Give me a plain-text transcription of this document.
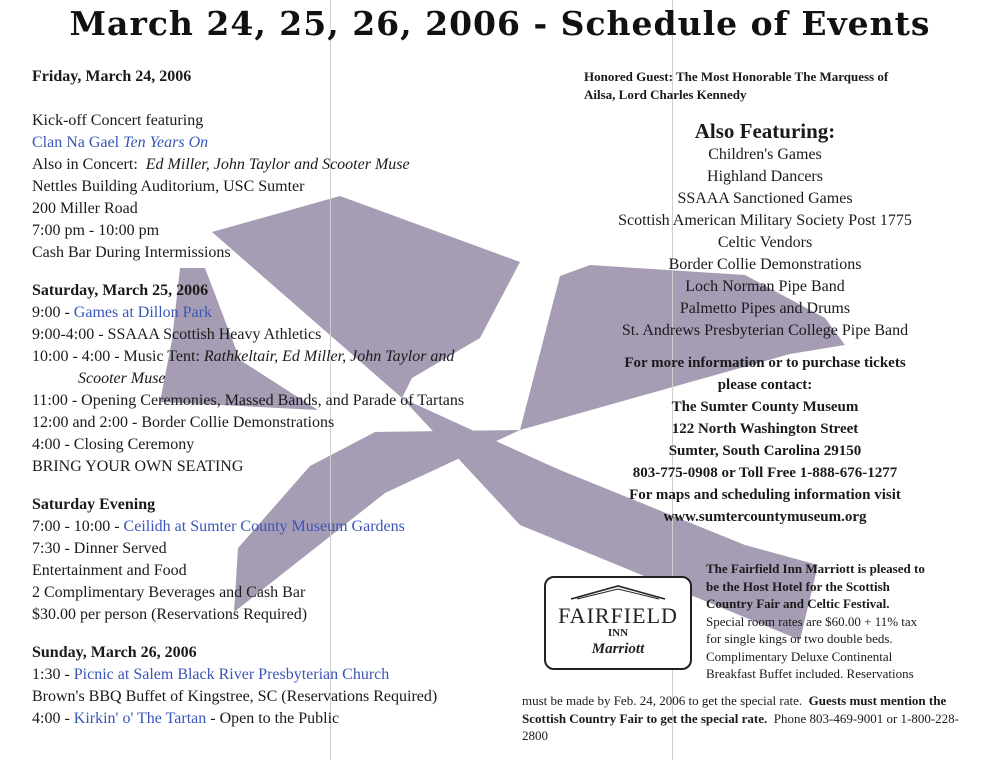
March 24, 25, 26, 2006 - Schedule of Events
Friday, March 24, 2006
Kick-off Concert featuring
Clan Na Gael Ten Years On
Also in Concert: Ed Miller, John Taylor and Scooter Muse
Nettles Building Auditorium, USC Sumter
200 Miller Road
7:00 pm - 10:00 pm
Cash Bar During Intermissions
Saturday, March 25, 2006
9:00 - Games at Dillon Park
9:00-4:00 - SSAAA Scottish Heavy Athletics
10:00 - 4:00 - Music Tent: Rathkeltair, Ed Miller, John Taylor and
Scooter Muse
11:00 - Opening Ceremonies, Massed Bands, and Parade of Tartans
12:00 and 2:00 - Border Collie Demonstrations
4:00 - Closing Ceremony
BRING YOUR OWN SEATING
Saturday Evening
7:00 - 10:00 - Ceilidh at Sumter County Museum Gardens
7:30 - Dinner Served
Entertainment and Food
2 Complimentary Beverages and Cash Bar
$30.00 per person (Reservations Required)
Sunday, March 26, 2006
1:30 - Picnic at Salem Black River Presbyterian Church
Brown's BBQ Buffet of Kingstree, SC (Reservations Required)
4:00 - Kirkin' o' The Tartan - Open to the Public
Honored Guest: The Most Honorable The Marquess of
Ailsa, Lord Charles Kennedy
Also Featuring:
Children's Games
Highland Dancers
SSAAA Sanctioned Games
Scottish American Military Society Post 1775
Celtic Vendors
Border Collie Demonstrations
Loch Norman Pipe Band
Palmetto Pipes and Drums
St. Andrews Presbyterian College Pipe Band
For more information or to purchase tickets
please contact:
The Sumter County Museum
122 North Washington Street
Sumter, South Carolina 29150
803-775-0908 or Toll Free 1-888-676-1277
For maps and scheduling information visit
www.sumtercountymuseum.org
FAIRFIELD
INN
Marriott
The Fairfield Inn Marriott is pleased to
be the Host Hotel for the Scottish
Country Fair and Celtic Festival.
Special room rates are $60.00 + 11% tax
for single kings or two double beds.
Complimentary Deluxe Continental
Breakfast Buffet included. Reservations
must be made by Feb. 24, 2006 to get the special rate. Guests must mention the Scottish Country Fair to get the special rate. Phone 803-469-9001 or 1-800-228-2800
